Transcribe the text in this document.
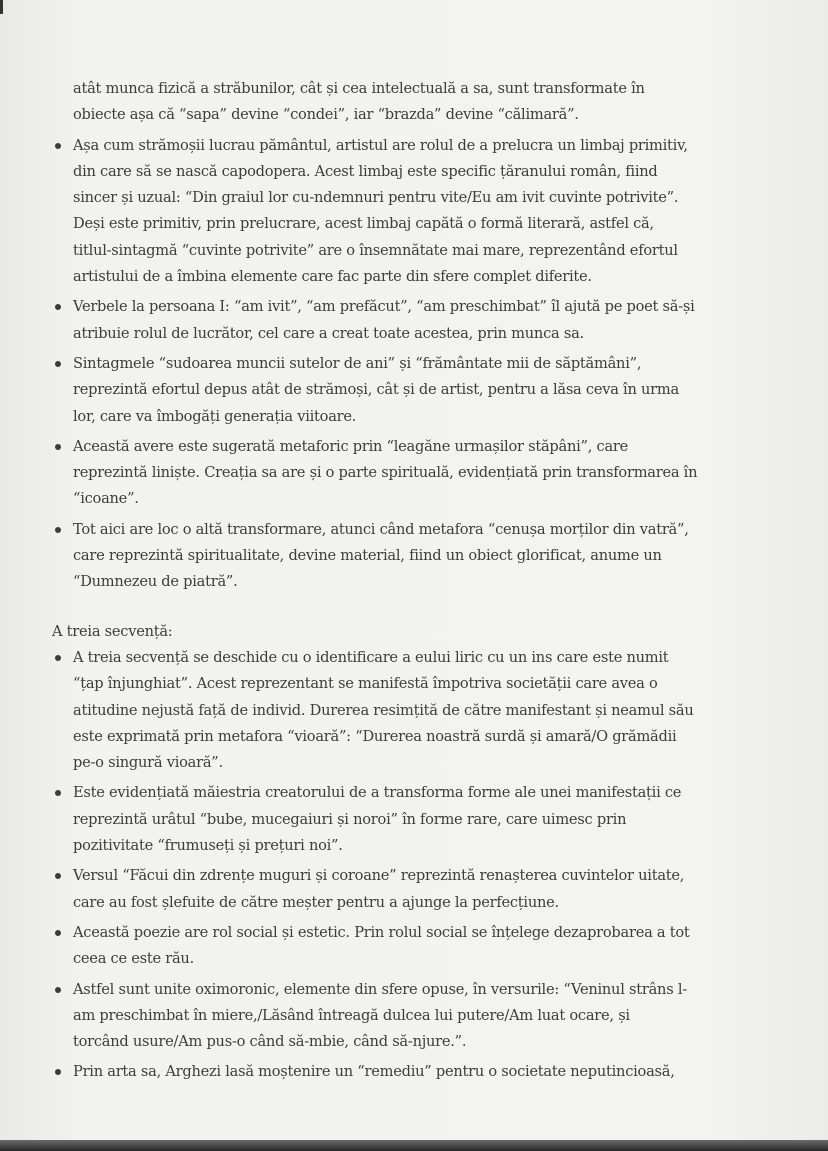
atât munca fizică a străbunilor, cât și cea intelectuală a sa, sunt transformate în
obiecte așa că “sapa” devine “condei”, iar “brazda” devine “călimară”.
Așa cum strămoșii lucrau pământul, artistul are rolul de a prelucra un limbaj primitiv,
din care să se nască capodopera. Acest limbaj este specific țăranului român, fiind
sincer și uzual: “Din graiul lor cu-ndemnuri pentru vite/Eu am ivit cuvinte potrivite”.
Deși este primitiv, prin prelucrare, acest limbaj capătă o formă literară, astfel că,
titlul-sintagmă “cuvinte potrivite” are o însemnătate mai mare, reprezentând efortul
artistului de a îmbina elemente care fac parte din sfere complet diferite.
Verbele la persoana I: “am ivit”, “am prefăcut”, “am preschimbat” îl ajută pe poet să-și
atribuie rolul de lucrător, cel care a creat toate acestea, prin munca sa.
Sintagmele “sudoarea muncii sutelor de ani” și “frământate mii de săptămâni”,
reprezintă efortul depus atât de strămoși, cât și de artist, pentru a lăsa ceva în urma
lor, care va îmbogăți generația viitoare.
Această avere este sugerată metaforic prin “leagăne urmașilor stăpâni”, care
reprezintă liniște. Creația sa are și o parte spirituală, evidențiată prin transformarea în
“icoane”.
Tot aici are loc o altă transformare, atunci când metafora “cenușa morților din vatră”,
care reprezintă spiritualitate, devine material, fiind un obiect glorificat, anume un
“Dumnezeu de piatră”.
A treia secvență:
A treia secvență se deschide cu o identificare a eului liric cu un ins care este numit
“țap înjunghiat”. Acest reprezentant se manifestă împotriva societății care avea o
atitudine nejustă față de individ. Durerea resimțită de către manifestant și neamul său
este exprimată prin metafora “vioară”: “Durerea noastră surdă și amară/O grămădii
pe-o singură vioară”.
Este evidențiată măiestria creatorului de a transforma forme ale unei manifestații ce
reprezintă urâtul “bube, mucegaiuri și noroi” în forme rare, care uimesc prin
pozitivitate “frumuseți și prețuri noi”.
Versul “Făcui din zdrențe muguri și coroane” reprezintă renașterea cuvintelor uitate,
care au fost șlefuite de către meșter pentru a ajunge la perfecțiune.
Această poezie are rol social și estetic. Prin rolul social se înțelege dezaprobarea a tot
ceea ce este rău.
Astfel sunt unite oximoronic, elemente din sfere opuse, în versurile: “Veninul strâns l-
am preschimbat în miere,/Lăsând întreagă dulcea lui putere/Am luat ocare, și
torcând usure/Am pus-o când să-mbie, când să-njure.”.
Prin arta sa, Arghezi lasă moștenire un “remediu” pentru o societate neputincioasă,
